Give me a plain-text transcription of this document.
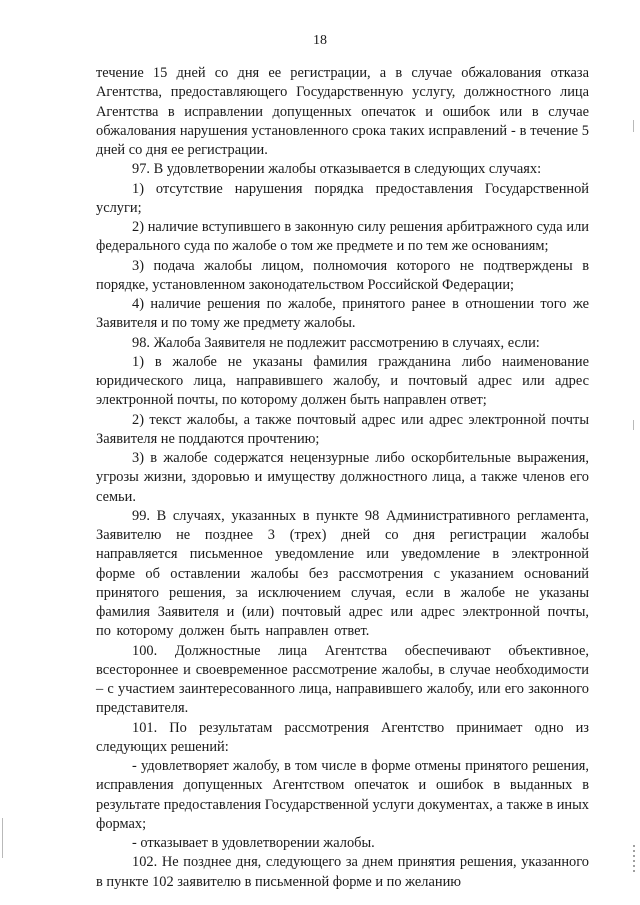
18

течение 15 дней со дня ее регистрации, а в случае обжалования отказа Агентства, предоставляющего Государственную услугу, должностного лица Агентства в исправлении допущенных опечаток и ошибок или в случае обжалования нарушения установленного срока таких исправлений - в течение 5 дней со дня ее регистрации.

97. В удовлетворении жалобы отказывается в следующих случаях:

1) отсутствие нарушения порядка предоставления Государственной услуги;

2) наличие вступившего в законную силу решения арбитражного суда или федерального суда по жалобе о том же предмете и по тем же основаниям;

3) подача жалобы лицом, полномочия которого не подтверждены в порядке, установленном законодательством Российской Федерации;

4) наличие решения по жалобе, принятого ранее в отношении того же Заявителя и по тому же предмету жалобы.

98. Жалоба Заявителя не подлежит рассмотрению в случаях, если:

1) в жалобе не указаны фамилия гражданина либо наименование юридического лица, направившего жалобу, и почтовый адрес или адрес электронной почты, по которому должен быть направлен ответ;

2) текст жалобы, а также почтовый адрес или адрес электронной почты Заявителя не поддаются прочтению;

3) в жалобе содержатся нецензурные либо оскорбительные выражения, угрозы жизни, здоровью и имуществу должностного лица, а также членов его семьи.

99. В случаях, указанных в пункте 98 Административного регламента, Заявителю не позднее 3 (трех) дней со дня регистрации жалобы направляется письменное уведомление или уведомление в электронной форме об оставлении жалобы без рассмотрения с указанием оснований принятого решения, за исключением случая, если в жалобе не указаны фамилия Заявителя и (или) почтовый адрес или адрес электронной почты, по которому должен быть направлен ответ.

100. Должностные лица Агентства обеспечивают объективное, всестороннее и своевременное рассмотрение жалобы, в случае необходимости – с участием заинтересованного лица, направившего жалобу, или его законного представителя.

101. По результатам рассмотрения Агентство принимает одно из следующих решений:

- удовлетворяет жалобу, в том числе в форме отмены принятого решения, исправления допущенных Агентством опечаток и ошибок в выданных в результате предоставления Государственной услуги документах, а также в иных формах;

- отказывает в удовлетворении жалобы.

102. Не позднее дня, следующего за днем принятия решения, указанного в пункте 102 заявителю в письменной форме и по желанию
